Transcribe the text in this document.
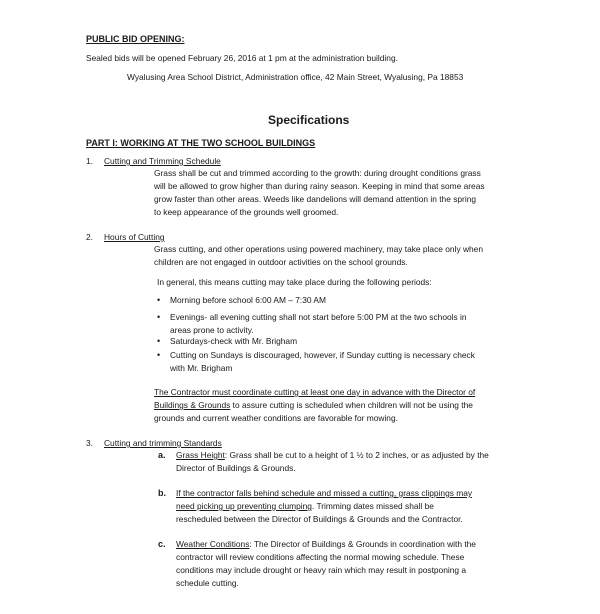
PUBLIC BID OPENING:
Sealed bids will be opened February 26, 2016 at 1 pm at the administration building.
Wyalusing Area School District, Administration office, 42 Main Street, Wyalusing, Pa 18853
Specifications
PART I: WORKING AT THE TWO SCHOOL BUILDINGS
1. Cutting and Trimming Schedule
Grass shall be cut and trimmed according to the growth: during drought conditions grass
will be allowed to grow higher than during rainy season. Keeping in mind that some areas
grow faster than other areas. Weeds like dandelions will demand attention in the spring
to keep appearance of the grounds well groomed.
2. Hours of Cutting
Grass cutting, and other operations using powered machinery, may take place only when
children are not engaged in outdoor activities on the school grounds.
In general, this means cutting may take place during the following periods:
• Morning before school 6:00 AM – 7:30 AM
• Evenings- all evening cutting shall not start before 5:00 PM at the two schools in
areas prone to activity.
• Saturdays-check with Mr. Brigham
• Cutting on Sundays is discouraged, however, if Sunday cutting is necessary check
with Mr. Brigham
The Contractor must coordinate cutting at least one day in advance with the Director of
Buildings & Grounds to assure cutting is scheduled when children will not be using the
grounds and current weather conditions are favorable for mowing.
3. Cutting and trimming Standards
a. Grass Height: Grass shall be cut to a height of 1 ½ to 2 inches, or as adjusted by the
Director of Buildings & Grounds.
b. If the contractor falls behind schedule and missed a cutting, grass clippings may
need picking up preventing clumping. Trimming dates missed shall be
rescheduled between the Director of Buildings & Grounds and the Contractor.
c. Weather Conditions: The Director of Buildings & Grounds in coordination with the
contractor will review conditions affecting the normal mowing schedule. These
conditions may include drought or heavy rain which may result in postponing a
schedule cutting.
